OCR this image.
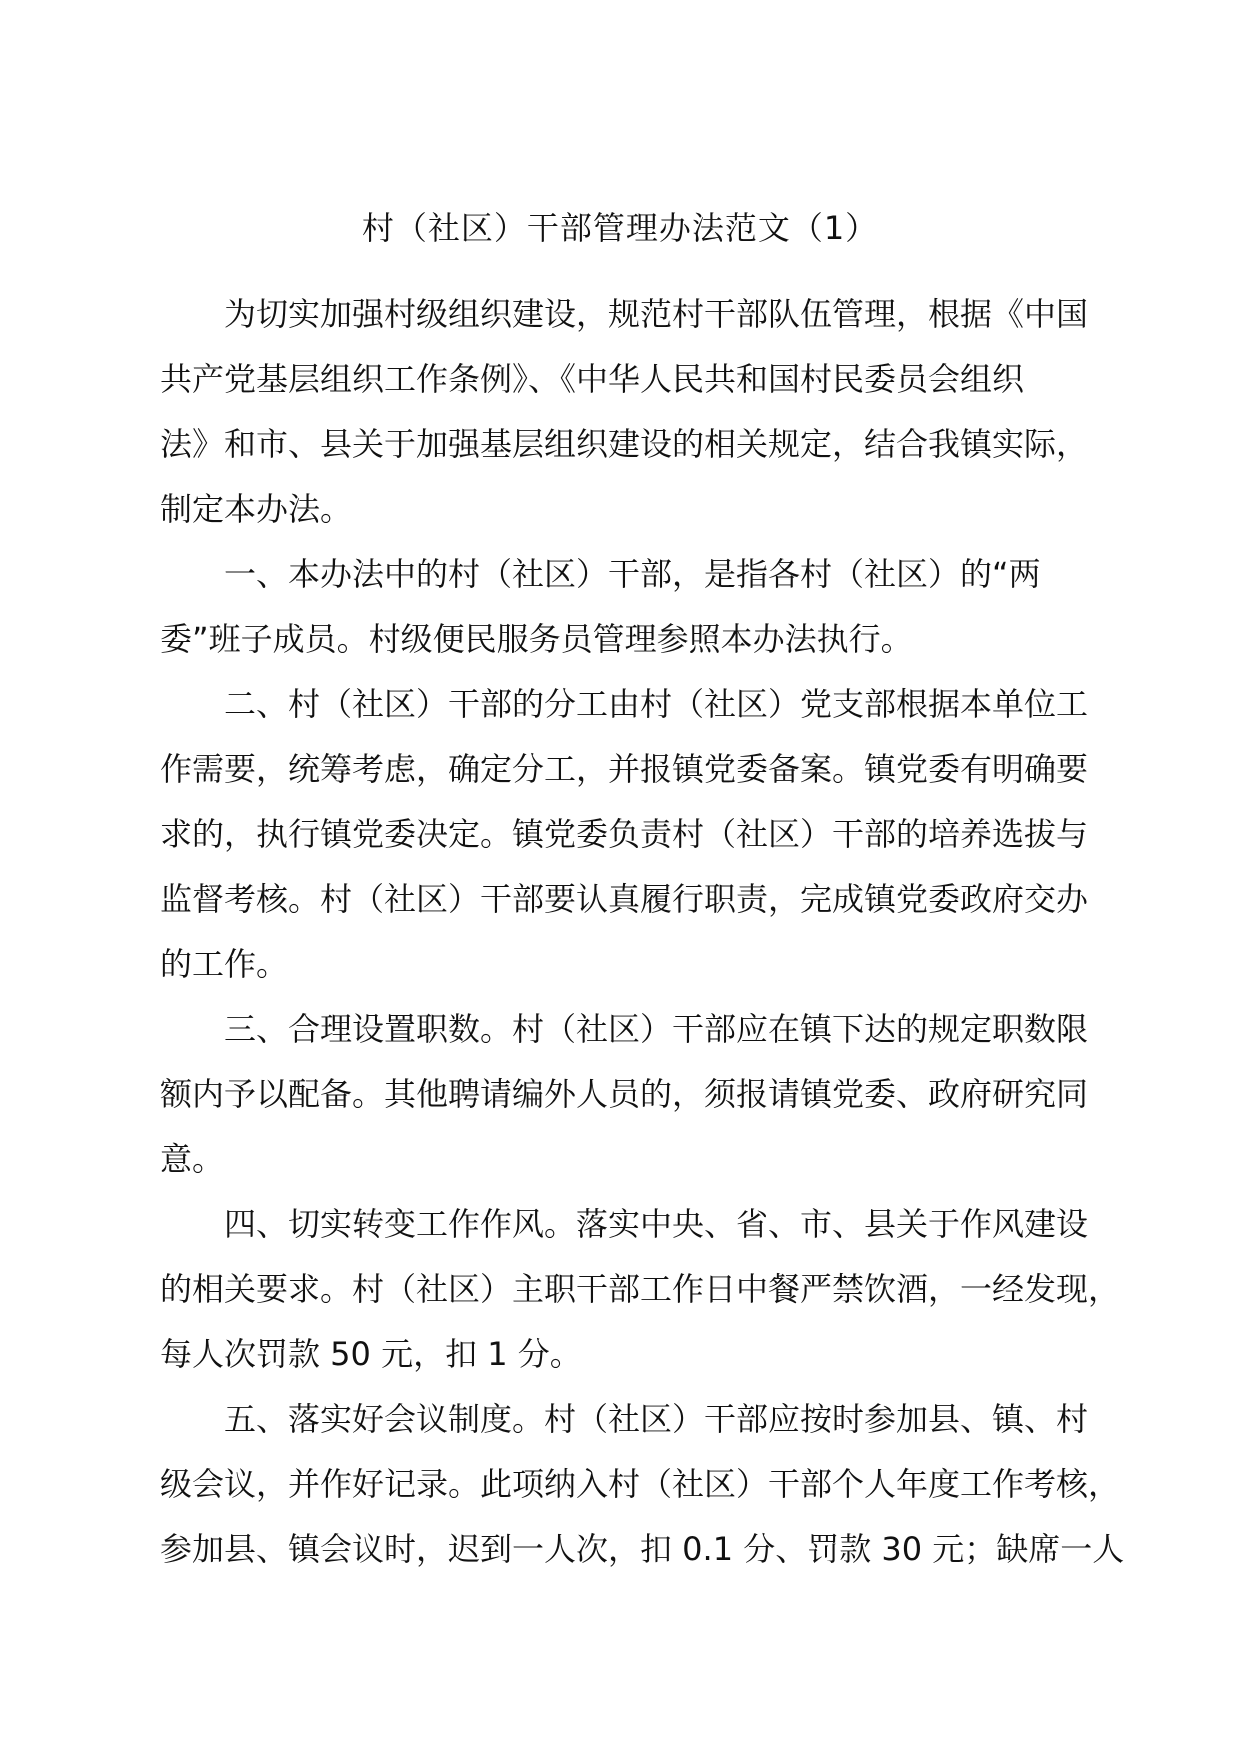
村（社区）干部管理办法范文（1）
为切实加强村级组织建设，规范村干部队伍管理，根据《中国
共产党基层组织工作条例》、《中华人民共和国村民委员会组织
法》和市、县关于加强基层组织建设的相关规定，结合我镇实际，
制定本办法。
一、本办法中的村（社区）干部，是指各村（社区）的“两
委”班子成员。村级便民服务员管理参照本办法执行。
二、村（社区）干部的分工由村（社区）党支部根据本单位工
作需要，统筹考虑，确定分工，并报镇党委备案。镇党委有明确要
求的，执行镇党委决定。镇党委负责村（社区）干部的培养选拔与
监督考核。村（社区）干部要认真履行职责，完成镇党委政府交办
的工作。
三、合理设置职数。村（社区）干部应在镇下达的规定职数限
额内予以配备。其他聘请编外人员的，须报请镇党委、政府研究同
意。
四、切实转变工作作风。落实中央、省、市、县关于作风建设
的相关要求。村（社区）主职干部工作日中餐严禁饮酒，一经发现，
每人次罚款 50 元，扣 1 分。
五、落实好会议制度。村（社区）干部应按时参加县、镇、村
级会议，并作好记录。此项纳入村（社区）干部个人年度工作考核，
参加县、镇会议时，迟到一人次，扣 0.1 分、罚款 30 元；缺席一人
